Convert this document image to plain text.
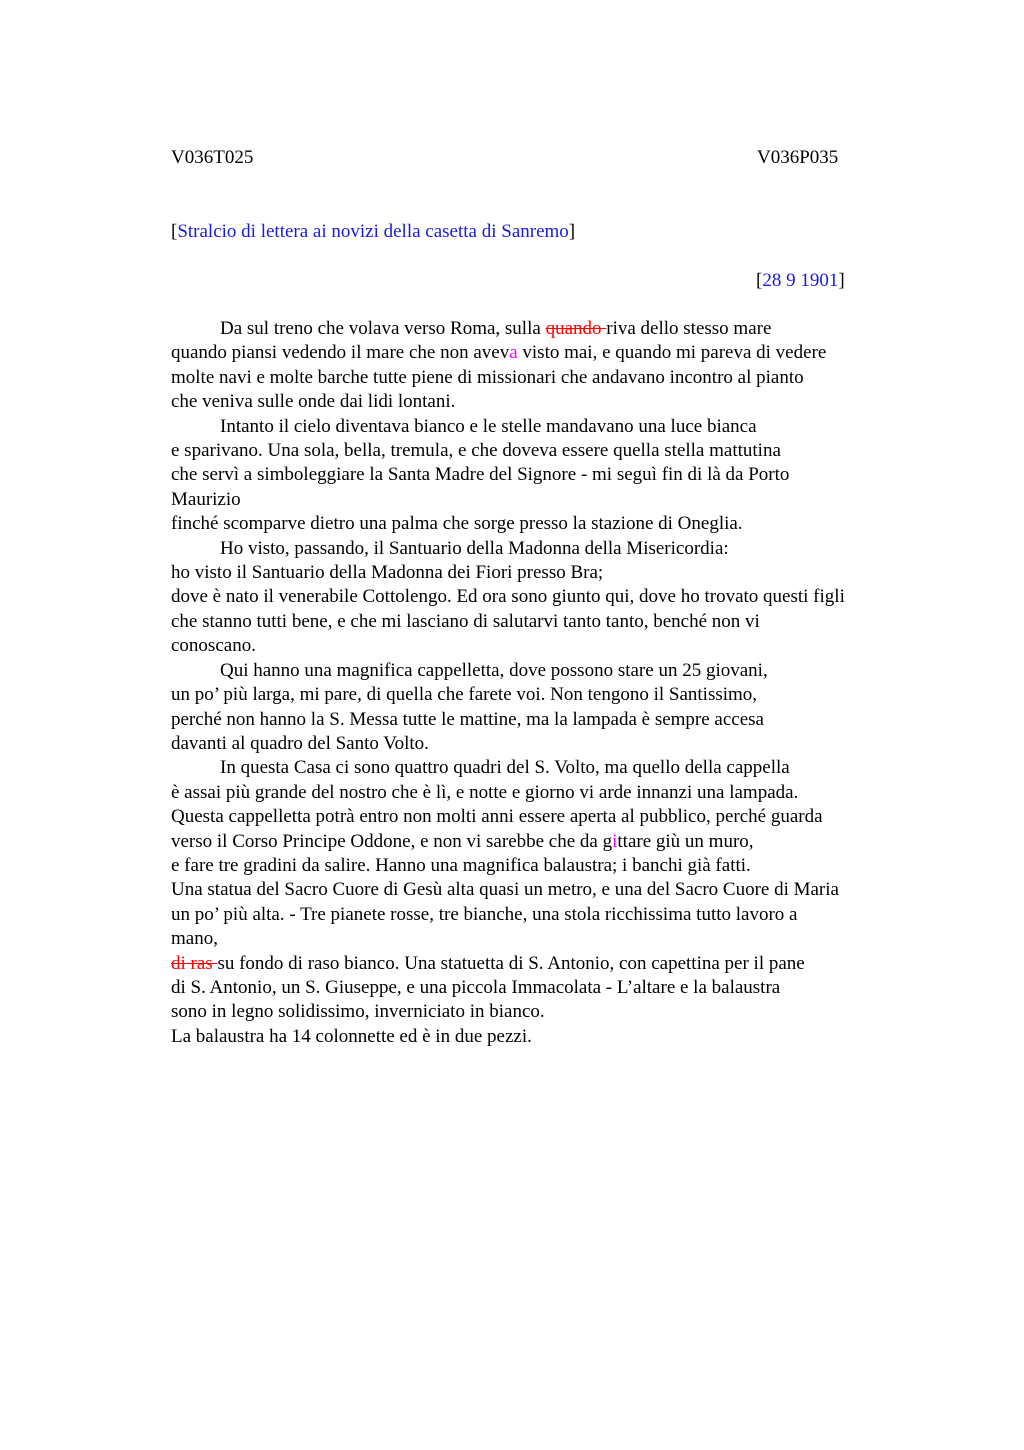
V036T025	V036P035
[Stralcio di lettera ai novizi della casetta di Sanremo]
[28 9 1901]
Da sul treno che volava verso Roma, sulla quando riva dello stesso mare
quando piansi vedendo il mare che non aveva visto mai, e quando mi pareva di vedere
molte navi e molte barche tutte piene di missionari che andavano incontro al pianto
che veniva sulle onde dai lidi lontani.
Intanto il cielo diventava bianco e le stelle mandavano una luce bianca
e sparivano. Una sola, bella, tremula, e che doveva essere quella stella mattutina
che servì a simboleggiare la Santa Madre del Signore - mi seguì fin di là da Porto
Maurizio
finché scomparve dietro una palma che sorge presso la stazione di Oneglia.
Ho visto, passando, il Santuario della Madonna della Misericordia:
ho visto il Santuario della Madonna dei Fiori presso Bra;
dove è nato il venerabile Cottolengo. Ed ora sono giunto qui, dove ho trovato questi figli
che stanno tutti bene, e che mi lasciano di salutarvi tanto tanto, benché non vi
conoscano.
Qui hanno una magnifica cappelletta, dove possono stare un 25 giovani,
un po’ più larga, mi pare, di quella che farete voi. Non tengono il Santissimo,
perché non hanno la S. Messa tutte le mattine, ma la lampada è sempre accesa
davanti al quadro del Santo Volto.
In questa Casa ci sono quattro quadri del S. Volto, ma quello della cappella
è assai più grande del nostro che è lì, e notte e giorno vi arde innanzi una lampada.
Questa cappelletta potrà entro non molti anni essere aperta al pubblico, perché guarda
verso il Corso Principe Oddone, e non vi sarebbe che da gittare giù un muro,
e fare tre gradini da salire. Hanno una magnifica balaustra; i banchi già fatti.
Una statua del Sacro Cuore di Gesù alta quasi un metro, e una del Sacro Cuore di Maria
un po’ più alta. - Tre pianete rosse, tre bianche, una stola ricchissima tutto lavoro a
mano,
di ras su fondo di raso bianco. Una statuetta di S. Antonio, con capettina per il pane
di S. Antonio, un S. Giuseppe, e una piccola Immacolata - L’altare e la balaustra
sono in legno solidissimo, inverniciato in bianco.
La balaustra ha 14 colonnette ed è in due pezzi.
